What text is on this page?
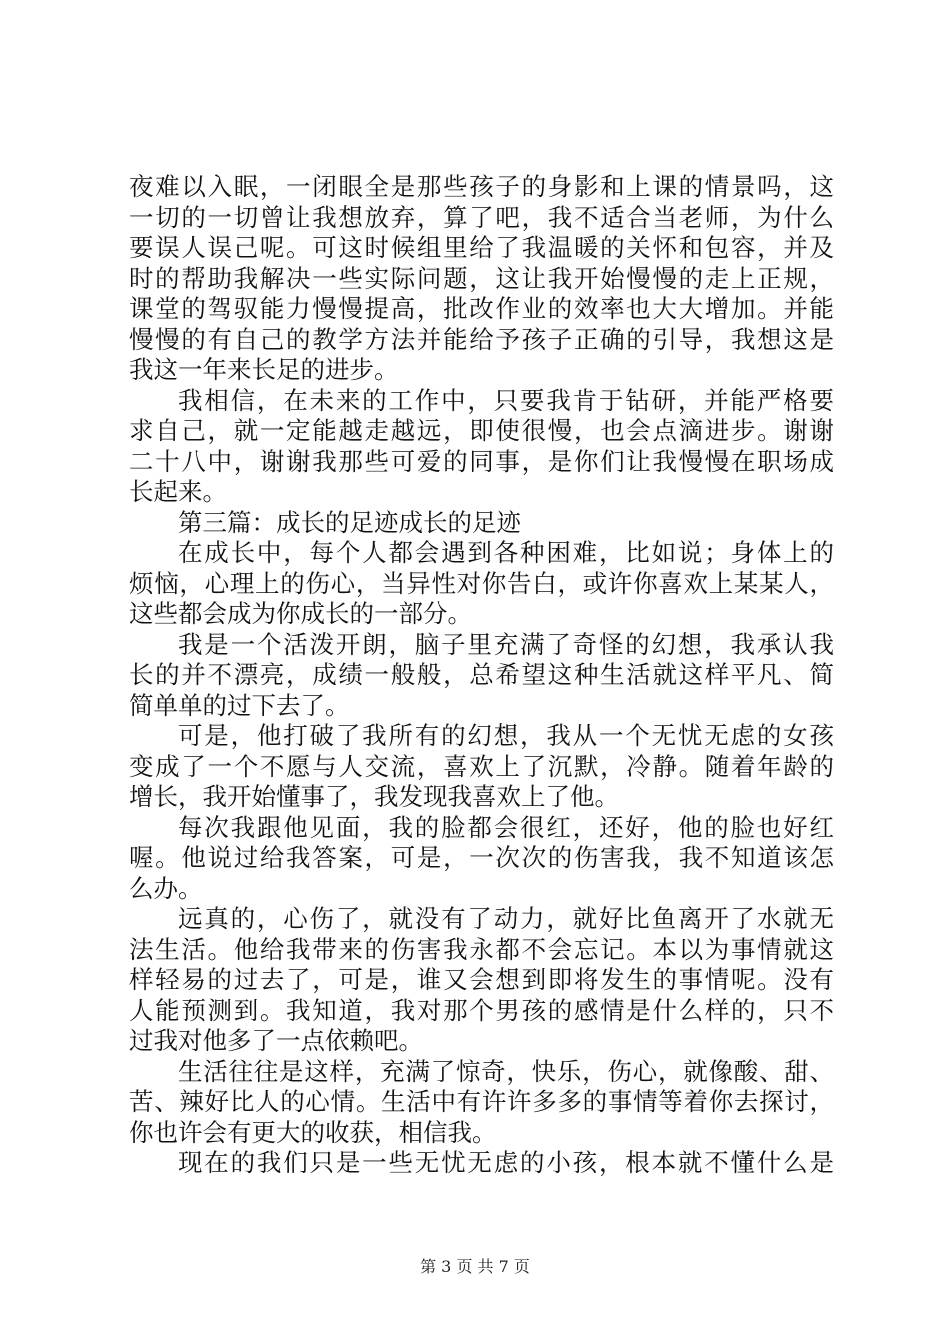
夜难以入眠，一闭眼全是那些孩子的身影和上课的情景吗，这
一切的一切曾让我想放弃，算了吧，我不适合当老师，为什么
要误人误己呢。可这时候组里给了我温暖的关怀和包容，并及
时的帮助我解决一些实际问题，这让我开始慢慢的走上正规，
课堂的驾驭能力慢慢提高，批改作业的效率也大大增加。并能
慢慢的有自己的教学方法并能给予孩子正确的引导，我想这是
我这一年来长足的进步。
我相信，在未来的工作中，只要我肯于钻研，并能严格要
求自己，就一定能越走越远，即使很慢，也会点滴进步。谢谢
二十八中，谢谢我那些可爱的同事，是你们让我慢慢在职场成
长起来。
第三篇：成长的足迹成长的足迹
在成长中，每个人都会遇到各种困难，比如说；身体上的
烦恼，心理上的伤心，当异性对你告白，或许你喜欢上某某人，
这些都会成为你成长的一部分。
我是一个活泼开朗，脑子里充满了奇怪的幻想，我承认我
长的并不漂亮，成绩一般般，总希望这种生活就这样平凡、简
简单单的过下去了。
可是，他打破了我所有的幻想，我从一个无忧无虑的女孩
变成了一个不愿与人交流，喜欢上了沉默，冷静。随着年龄的
增长，我开始懂事了，我发现我喜欢上了他。
每次我跟他见面，我的脸都会很红，还好，他的脸也好红
喔。他说过给我答案，可是，一次次的伤害我，我不知道该怎
么办。
远真的，心伤了，就没有了动力，就好比鱼离开了水就无
法生活。他给我带来的伤害我永都不会忘记。本以为事情就这
样轻易的过去了，可是，谁又会想到即将发生的事情呢。没有
人能预测到。我知道，我对那个男孩的感情是什么样的，只不
过我对他多了一点依赖吧。
生活往往是这样，充满了惊奇，快乐，伤心，就像酸、甜、
苦、辣好比人的心情。生活中有许许多多的事情等着你去探讨，
你也许会有更大的收获，相信我。
现在的我们只是一些无忧无虑的小孩，根本就不懂什么是
第 3 页 共 7 页
